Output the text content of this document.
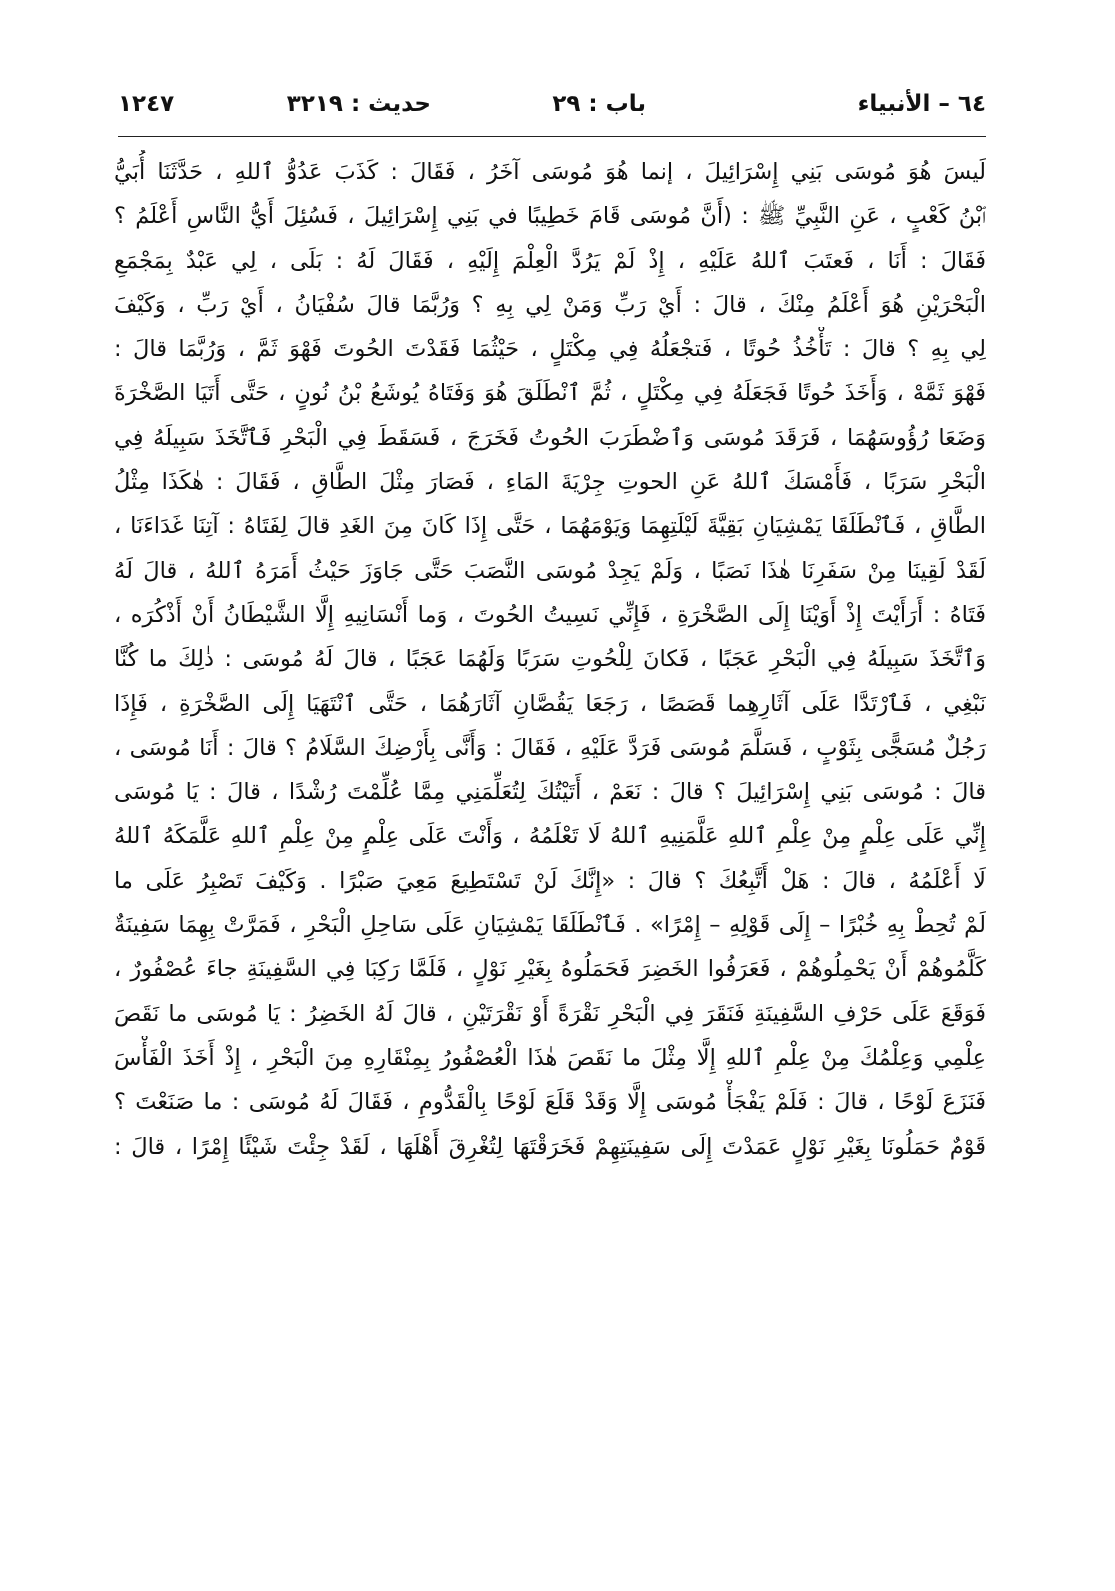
٦٤ – الأنبياء
باب : ٢٩
حديث : ٣٢١٩
١٢٤٧
لَيسَ هُوَ مُوسَى بَنِي إِسْرَائِيلَ ، إنما هُوَ مُوسَى آخَرُ ، فَقَالَ : كَذَبَ عَدُوُّ ٱللهِ ، حَدَّثَنَا أُبَيُّ
ٱبْنُ كَعْبٍ ، عَنِ النَّبِيِّ ﷺ : (أَنَّ مُوسَى قَامَ خَطِيبًا في بَنِي إِسْرَائِيلَ ، فَسُئِلَ أَيُّ النَّاسِ أَعْلَمُ ؟
فَقَالَ : أَنَا ، فَعتَبَ ٱللهُ عَلَيْهِ ، إِذْ لَمْ يَرُدَّ الْعِلْمَ إِلَيْهِ ، فَقَالَ لَهُ : بَلَى ، لِي عَبْدٌ بِمَجْمَعِ
الْبَحْرَيْنِ هُوَ أَعْلَمُ مِنْكَ ، قالَ : أَيْ رَبِّ وَمَنْ لِي بِهِ ؟ وَرُبَّمَا قالَ سُفْيَانُ ، أَيْ رَبِّ ، وَكَيْفَ
لِي بِهِ ؟ قالَ : تَأْخُذُ حُوتًا ، فَتجْعَلُهُ فِي مِكْتَلٍ ، حَيْثُمَا فَقَدْتَ الحُوتَ فَهْوَ ثَمَّ ، وَرُبَّمَا قالَ :
فَهْوَ ثَمَّهْ ، وَأَخَذَ حُوتًا فَجَعَلَهُ فِي مِكْتَلٍ ، ثُمَّ ٱنْطَلَقَ هُوَ وَفَتَاهُ يُوشَعُ بْنُ نُونٍ ، حَتَّى أَتَيَا الصَّخْرَةَ
وَضَعَا رُؤُوسَهُمَا ، فَرَقَدَ مُوسَى وَٱضْطَرَبَ الحُوتُ فَخَرَجَ ، فَسَقَطَ فِي الْبَحْرِ فَٱتَّخَذَ سَبِيلَهُ فِي
الْبَحْرِ سَرَبًا ، فَأَمْسَكَ ٱللهُ عَنِ الحوتِ جِرْيَةَ المَاءِ ، فَصَارَ مِثْلَ الطَّاقِ ، فَقَالَ : هٰكَذَا مِثْلُ
الطَّاقِ ، فَٱنْطَلَقَا يَمْشِيَانِ بَقِيَّةَ لَيْلَتِهِمَا وَيَوْمَهُمَا ، حَتَّى إِذَا كَانَ مِنَ الغَدِ قالَ لِفَتَاهُ : آتِنَا غَدَاءَنَا ،
لَقَدْ لَقِينَا مِنْ سَفَرِنَا هٰذَا نَصَبًا ، وَلَمْ يَجِدْ مُوسَى النَّصَبَ حَتَّى جَاوَزَ حَيْثُ أَمَرَهُ ٱللهُ ، قالَ لَهُ
فَتَاهُ : أَرَأَيْتَ إِذْ أَوَيْنَا إِلَى الصَّخْرَةِ ، فَإِنِّي نَسِيتُ الحُوتَ ، وَما أَنْسَانِيهِ إِلَّا الشَّيْطَانُ أَنْ أَذْكُرَه ،
وَٱتَّخَذَ سَبِيلَهُ فِي الْبَحْرِ عَجَبًا ، فَكانَ لِلْحُوتِ سَرَبًا وَلَهُمَا عَجَبًا ، قالَ لَهُ مُوسَى : ذٰلِكَ ما كُنَّا
نَبْغِي ، فَٱرْتَدَّا عَلَى آثَارِهِما قَصَصًا ، رَجَعَا يَقُصَّانِ آثَارَهُمَا ، حَتَّى ٱنْتَهَيَا إِلَى الصَّخْرَةِ ، فَإِذَا
رَجُلٌ مُسَجًّى بِثَوْبٍ ، فَسَلَّمَ مُوسَى فَرَدَّ عَلَيْهِ ، فَقَالَ : وَأَنَّى بِأَرْضِكَ السَّلَامُ ؟ قالَ : أَنَا مُوسَى ،
قالَ : مُوسَى بَنِي إِسْرَائِيلَ ؟ قالَ : نَعَمْ ، أَتَيْتُكَ لِتُعَلِّمَنِي مِمَّا عُلِّمْتَ رُشْدًا ، قالَ : يَا مُوسَى
إِنِّي عَلَى عِلْمٍ مِنْ عِلْمِ ٱللهِ عَلَّمَنِيهِ ٱللهُ لَا تَعْلَمُهُ ، وَأَنْتَ عَلَى عِلْمٍ مِنْ عِلْمِ ٱللهِ عَلَّمَكَهُ ٱللهُ
لَا أَعْلَمُهُ ، قالَ : هَلْ أَتَّبِعُكَ ؟ قالَ : «إِنَّكَ لَنْ تَسْتَطِيعَ مَعِيَ صَبْرًا . وَكَيْفَ تَصْبِرُ عَلَى ما
لَمْ تُحِطْ بِهِ خُبْرًا – إِلَى قَوْلِهِ – إِمْرًا» . فَٱنْطَلَقَا يَمْشِيَانِ عَلَى سَاحِلِ الْبَحْرِ ، فَمَرَّتْ بِهِمَا سَفِينَةٌ
كَلَّمُوهُمْ أَنْ يَحْمِلُوهُمْ ، فَعَرَفُوا الخَضِرَ فَحَمَلُوهُ بِغَيْرِ نَوْلٍ ، فَلَمَّا رَكِبَا فِي السَّفِينَةِ جاءَ عُصْفُورٌ ،
فَوَقَعَ عَلَى حَرْفِ السَّفِينَةِ فَنَقَرَ فِي الْبَحْرِ نَقْرَةً أَوْ نَقْرَتَيْنِ ، قالَ لَهُ الخَضِرُ : يَا مُوسَى ما نَقَصَ
عِلْمِي وَعِلْمُكَ مِنْ عِلْمِ ٱللهِ إِلَّا مِثْلَ ما نَقَصَ هٰذَا الْعُصْفُورُ بِمِنْقَارِهِ مِنَ الْبَحْرِ ، إِذْ أَخَذَ الْفَأْسَ
فَنَزَعَ لَوْحًا ، قالَ : فَلَمْ يَفْجَأْ مُوسَى إِلَّا وَقَدْ قَلَعَ لَوْحًا بِالْقَدُّومِ ، فَقَالَ لَهُ مُوسَى : ما صَنَعْتَ ؟
قَوْمٌ حَمَلُونَا بِغَيْرِ نَوْلٍ عَمَدْتَ إِلَى سَفِينَتِهِمْ فَخَرَقْتَهَا لِتُغْرِقَ أَهْلَهَا ، لَقَدْ جِئْتَ شَيْئًا إِمْرًا ، قالَ :
